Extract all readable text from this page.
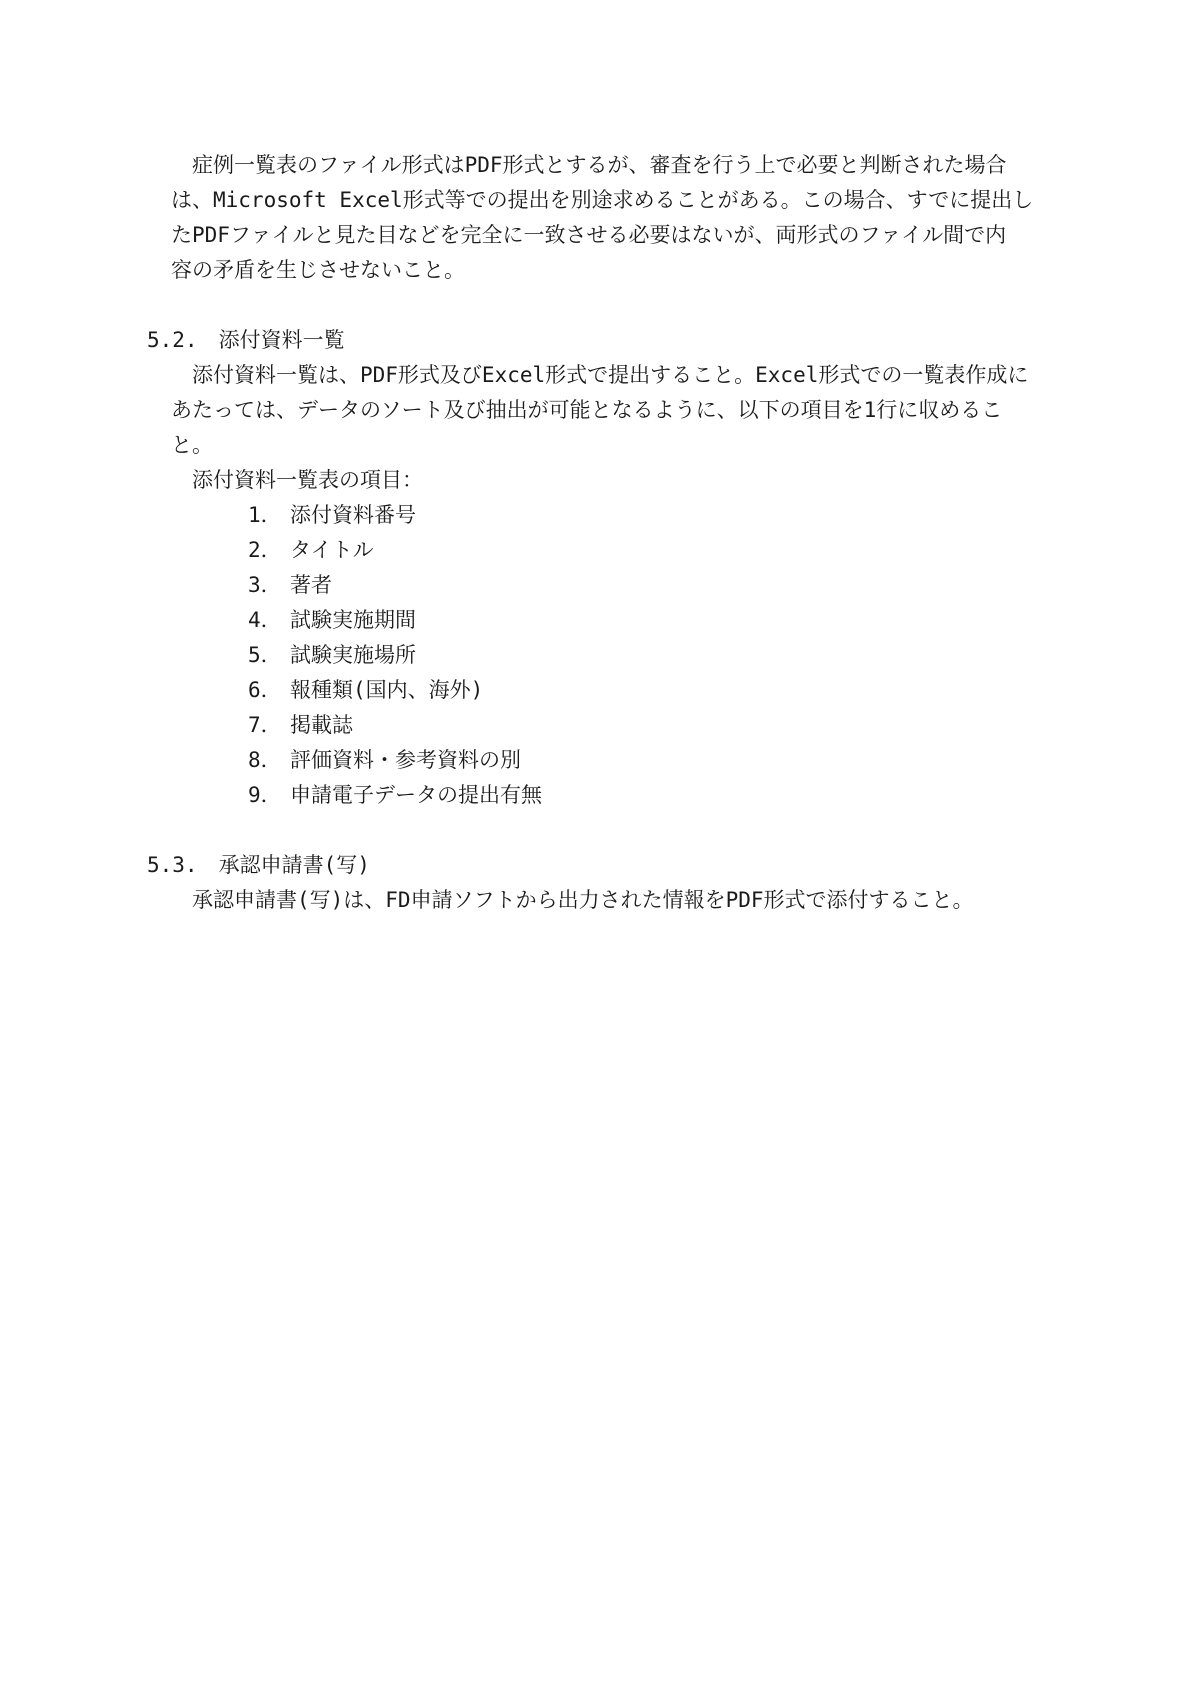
　症例一覧表のファイル形式はPDF形式とするが、審査を行う上で必要と判断された場合
は、Microsoft Excel形式等での提出を別途求めることがある。この場合、すでに提出し
たPDFファイルと見た目などを完全に一致させる必要はないが、両形式のファイル間で内
容の矛盾を生じさせないこと。
5.2.　添付資料一覧
　添付資料一覧は、PDF形式及びExcel形式で提出すること。Excel形式での一覧表作成に
あたっては、データのソート及び抽出が可能となるように、以下の項目を1行に収めるこ
と。
　添付資料一覧表の項目：
1． 添付資料番号
2． タイトル
3． 著者
4． 試験実施期間
5． 試験実施場所
6． 報種類(国内、海外)
7． 掲載誌
8． 評価資料・参考資料の別
9． 申請電子データの提出有無
5.3.　承認申請書(写)
　承認申請書(写)は、FD申請ソフトから出力された情報をPDF形式で添付すること。
